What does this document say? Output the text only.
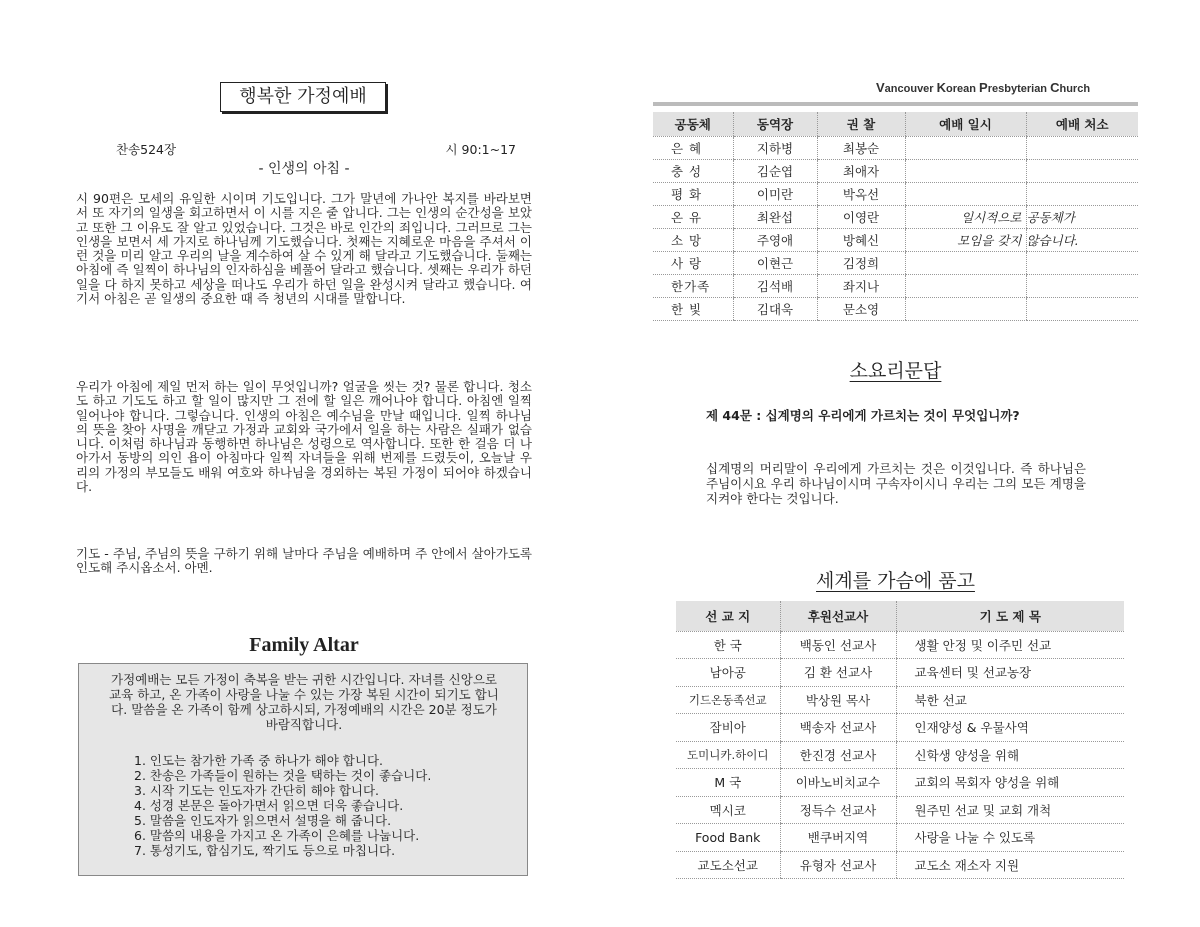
행복한 가정예배
찬송524장	시 90:1~17
- 인생의 아침 -

시 90편은 모세의 유일한 시이며 기도입니다. 그가 말년에 가나안 복지를 바라보면서 또 자기의 일생을 회고하면서 이 시를 지은 줄 압니다. 그는 인생의 순간성을 보았고 또한 그 이유도 잘 알고 있었습니다. 그것은 바로 인간의 죄입니다. 그러므로 그는 인생을 보면서 세 가지로 하나님께 기도했습니다. 첫째는 지혜로운 마음을 주셔서 이런 것을 미리 알고 우리의 날을 계수하여 살 수 있게 해 달라고 기도했습니다. 둘째는 아침에 즉 일찍이 하나님의 인자하심을 베풀어 달라고 했습니다. 셋째는 우리가 하던 일을 다 하지 못하고 세상을 떠나도 우리가 하던 일을 완성시켜 달라고 했습니다. 여기서 아침은 곧 일생의 중요한 때 즉 청년의 시대를 말합니다.

우리가 아침에 제일 먼저 하는 일이 무엇입니까? 얼굴을 씻는 것? 물론 합니다. 청소도 하고 기도도 하고 할 일이 많지만 그 전에 할 일은 깨어나야 합니다. 아침엔 일찍 일어나야 합니다. 그렇습니다. 인생의 아침은 예수님을 만날 때입니다. 일찍 하나님의 뜻을 찾아 사명을 깨닫고 가정과 교회와 국가에서 일을 하는 사람은 실패가 없습니다. 이처럼 하나님과 동행하면 하나님은 성령으로 역사합니다. 또한 한 걸음 더 나아가서 동방의 의인 욥이 아침마다 일찍 자녀들을 위해 번제를 드렸듯이, 오늘날 우리의 가정의 부모들도 배워 여호와 하나님을 경외하는 복된 가정이 되어야 하겠습니다.

기도 - 주님, 주님의 뜻을 구하기 위해 날마다 주님을 예배하며 주 안에서 살아가도록 인도해 주시옵소서. 아멘.

Family Altar

가정예배는 모든 가정이 축복을 받는 귀한 시간입니다. 자녀를 신앙으로 교육 하고, 온 가족이 사랑을 나눌 수 있는 가장 복된 시간이 되기도 합니다. 말씀을 온 가족이 함께 상고하시되, 가정예배의 시간은 20분 정도가 바람직합니다.

1. 인도는 참가한 가족 중 하나가 해야 합니다.
2. 찬송은 가족들이 원하는 것을 택하는 것이 좋습니다.
3. 시작 기도는 인도자가 간단히 해야 합니다.
4. 성경 본문은 돌아가면서 읽으면 더욱 좋습니다.
5. 말씀을 인도자가 읽으면서 설명을 해 줍니다.
6. 말씀의 내용을 가지고 온 가족이 은혜를 나눕니다.
7. 통성기도, 합심기도, 짝기도 등으로 마칩니다.
Vancouver Korean Presbyterian Church
공동체	동역장	권 찰	예배 일시	예배 처소
은 혜	지하병	최봉순		
충 성	김순엽	최애자		
평 화	이미란	박옥선		
온 유	최완섭	이영란	일시적으로	공동체가
소 망	주영애	방혜신	모임을 갖지	않습니다.
사 랑	이현근	김정희		
한가족	김석배	좌지나		
한 빛	김대욱	문소영		
소요리문답

제 44문 : 십계명의 우리에게 가르치는 것이 무엇입니까?

십계명의 머리말이 우리에게 가르치는 것은 이것입니다. 즉 하나님은 주님이시요 우리 하나님이시며 구속자이시니 우리는 그의 모든 계명을 지켜야 한다는 것입니다.

세계를 가슴에 품고
선 교 지	후원선교사	기 도 제 목
한 국	백동인 선교사	생활 안정 및 이주민 선교
남아공	김 환 선교사	교육센터 및 선교농장
기드온동족선교	박상원 목사	북한 선교
잠비아	백송자 선교사	인재양성 & 우물사역
도미니카.하이디	한진경 선교사	신학생 양성을 위해
M 국	이바노비치교수	교회의 목회자 양성을 위해
멕시코	정득수 선교사	원주민 선교 및 교회 개척
Food Bank	밴쿠버지역	사랑을 나눌 수 있도록
교도소선교	유형자 선교사	교도소 재소자 지원
